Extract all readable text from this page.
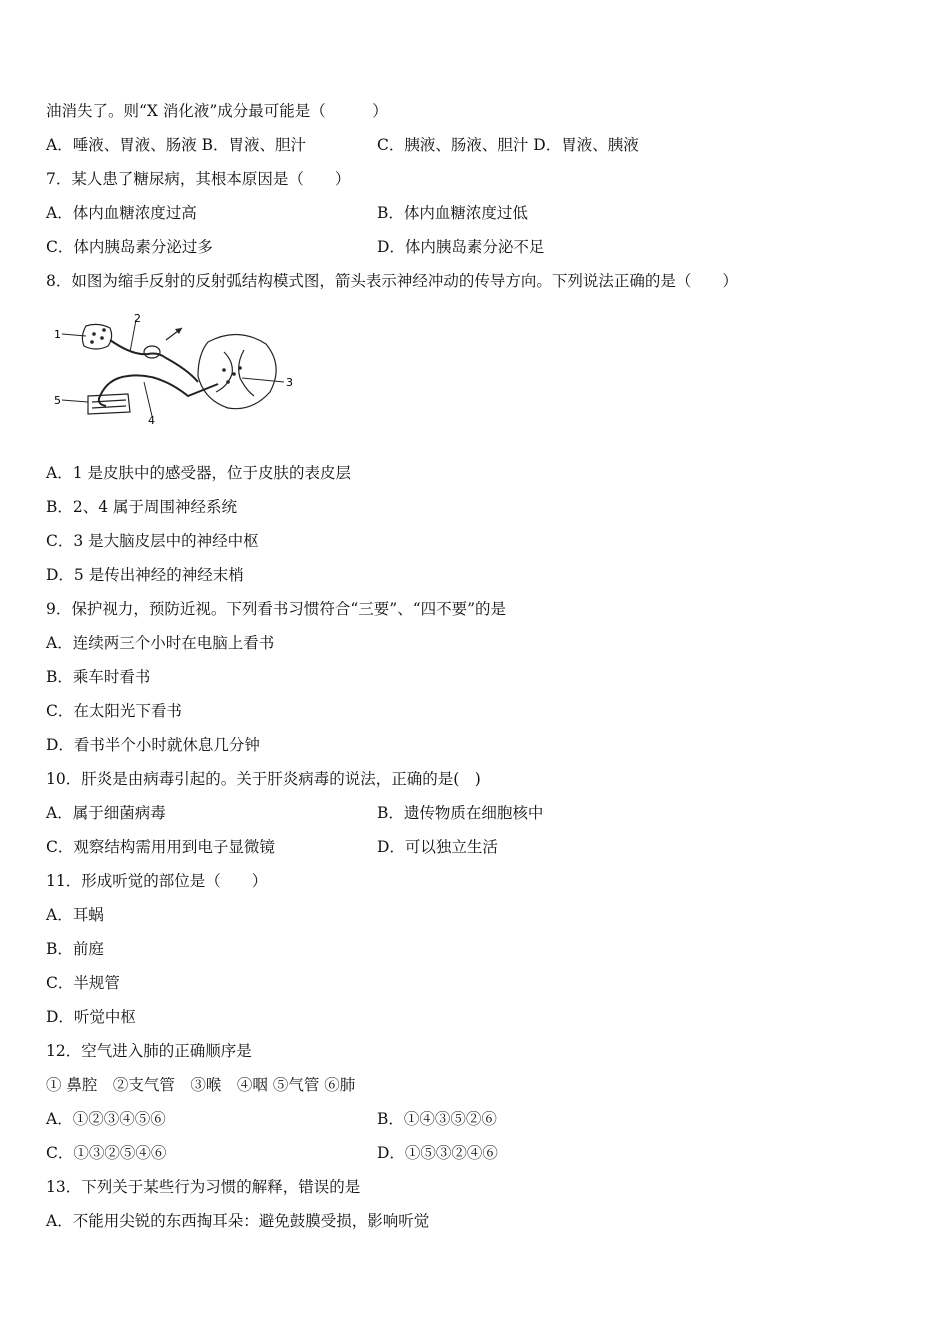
油消失了。则“X 消化液”成分最可能是（　　　）
A．唾液、胃液、肠液 B．胃液、胆汁	C．胰液、肠液、胆汁 D．胃液、胰液
7．某人患了糖尿病，其根本原因是（　　）
A．体内血糖浓度过高	B．体内血糖浓度过低
C．体内胰岛素分泌过多	D．体内胰岛素分泌不足
8．如图为缩手反射的反射弧结构模式图，箭头表示神经冲动的传导方向。下列说法正确的是（　　）
1
2
3
4
5
A．1 是皮肤中的感受器，位于皮肤的表皮层
B．2、4 属于周围神经系统
C．3 是大脑皮层中的神经中枢
D．5 是传出神经的神经末梢
9．保护视力，预防近视。下列看书习惯符合“三要”、“四不要”的是
A．连续两三个小时在电脑上看书
B．乘车时看书
C．在太阳光下看书
D．看书半个小时就休息几分钟
10．肝炎是由病毒引起的。关于肝炎病毒的说法，正确的是(　)
A．属于细菌病毒	B．遗传物质在细胞核中
C．观察结构需用用到电子显微镜	D．可以独立生活
11．形成听觉的部位是（　　）
A．耳蜗
B．前庭
C．半规管
D．听觉中枢
12．空气进入肺的正确顺序是
① 鼻腔　②支气管　③喉　④咽 ⑤气管 ⑥肺
A．①②③④⑤⑥	B．①④③⑤②⑥
C．①③②⑤④⑥	D．①⑤③②④⑥
13．下列关于某些行为习惯的解释，错误的是
A．不能用尖锐的东西掏耳朵：避免鼓膜受损，影响听觉
